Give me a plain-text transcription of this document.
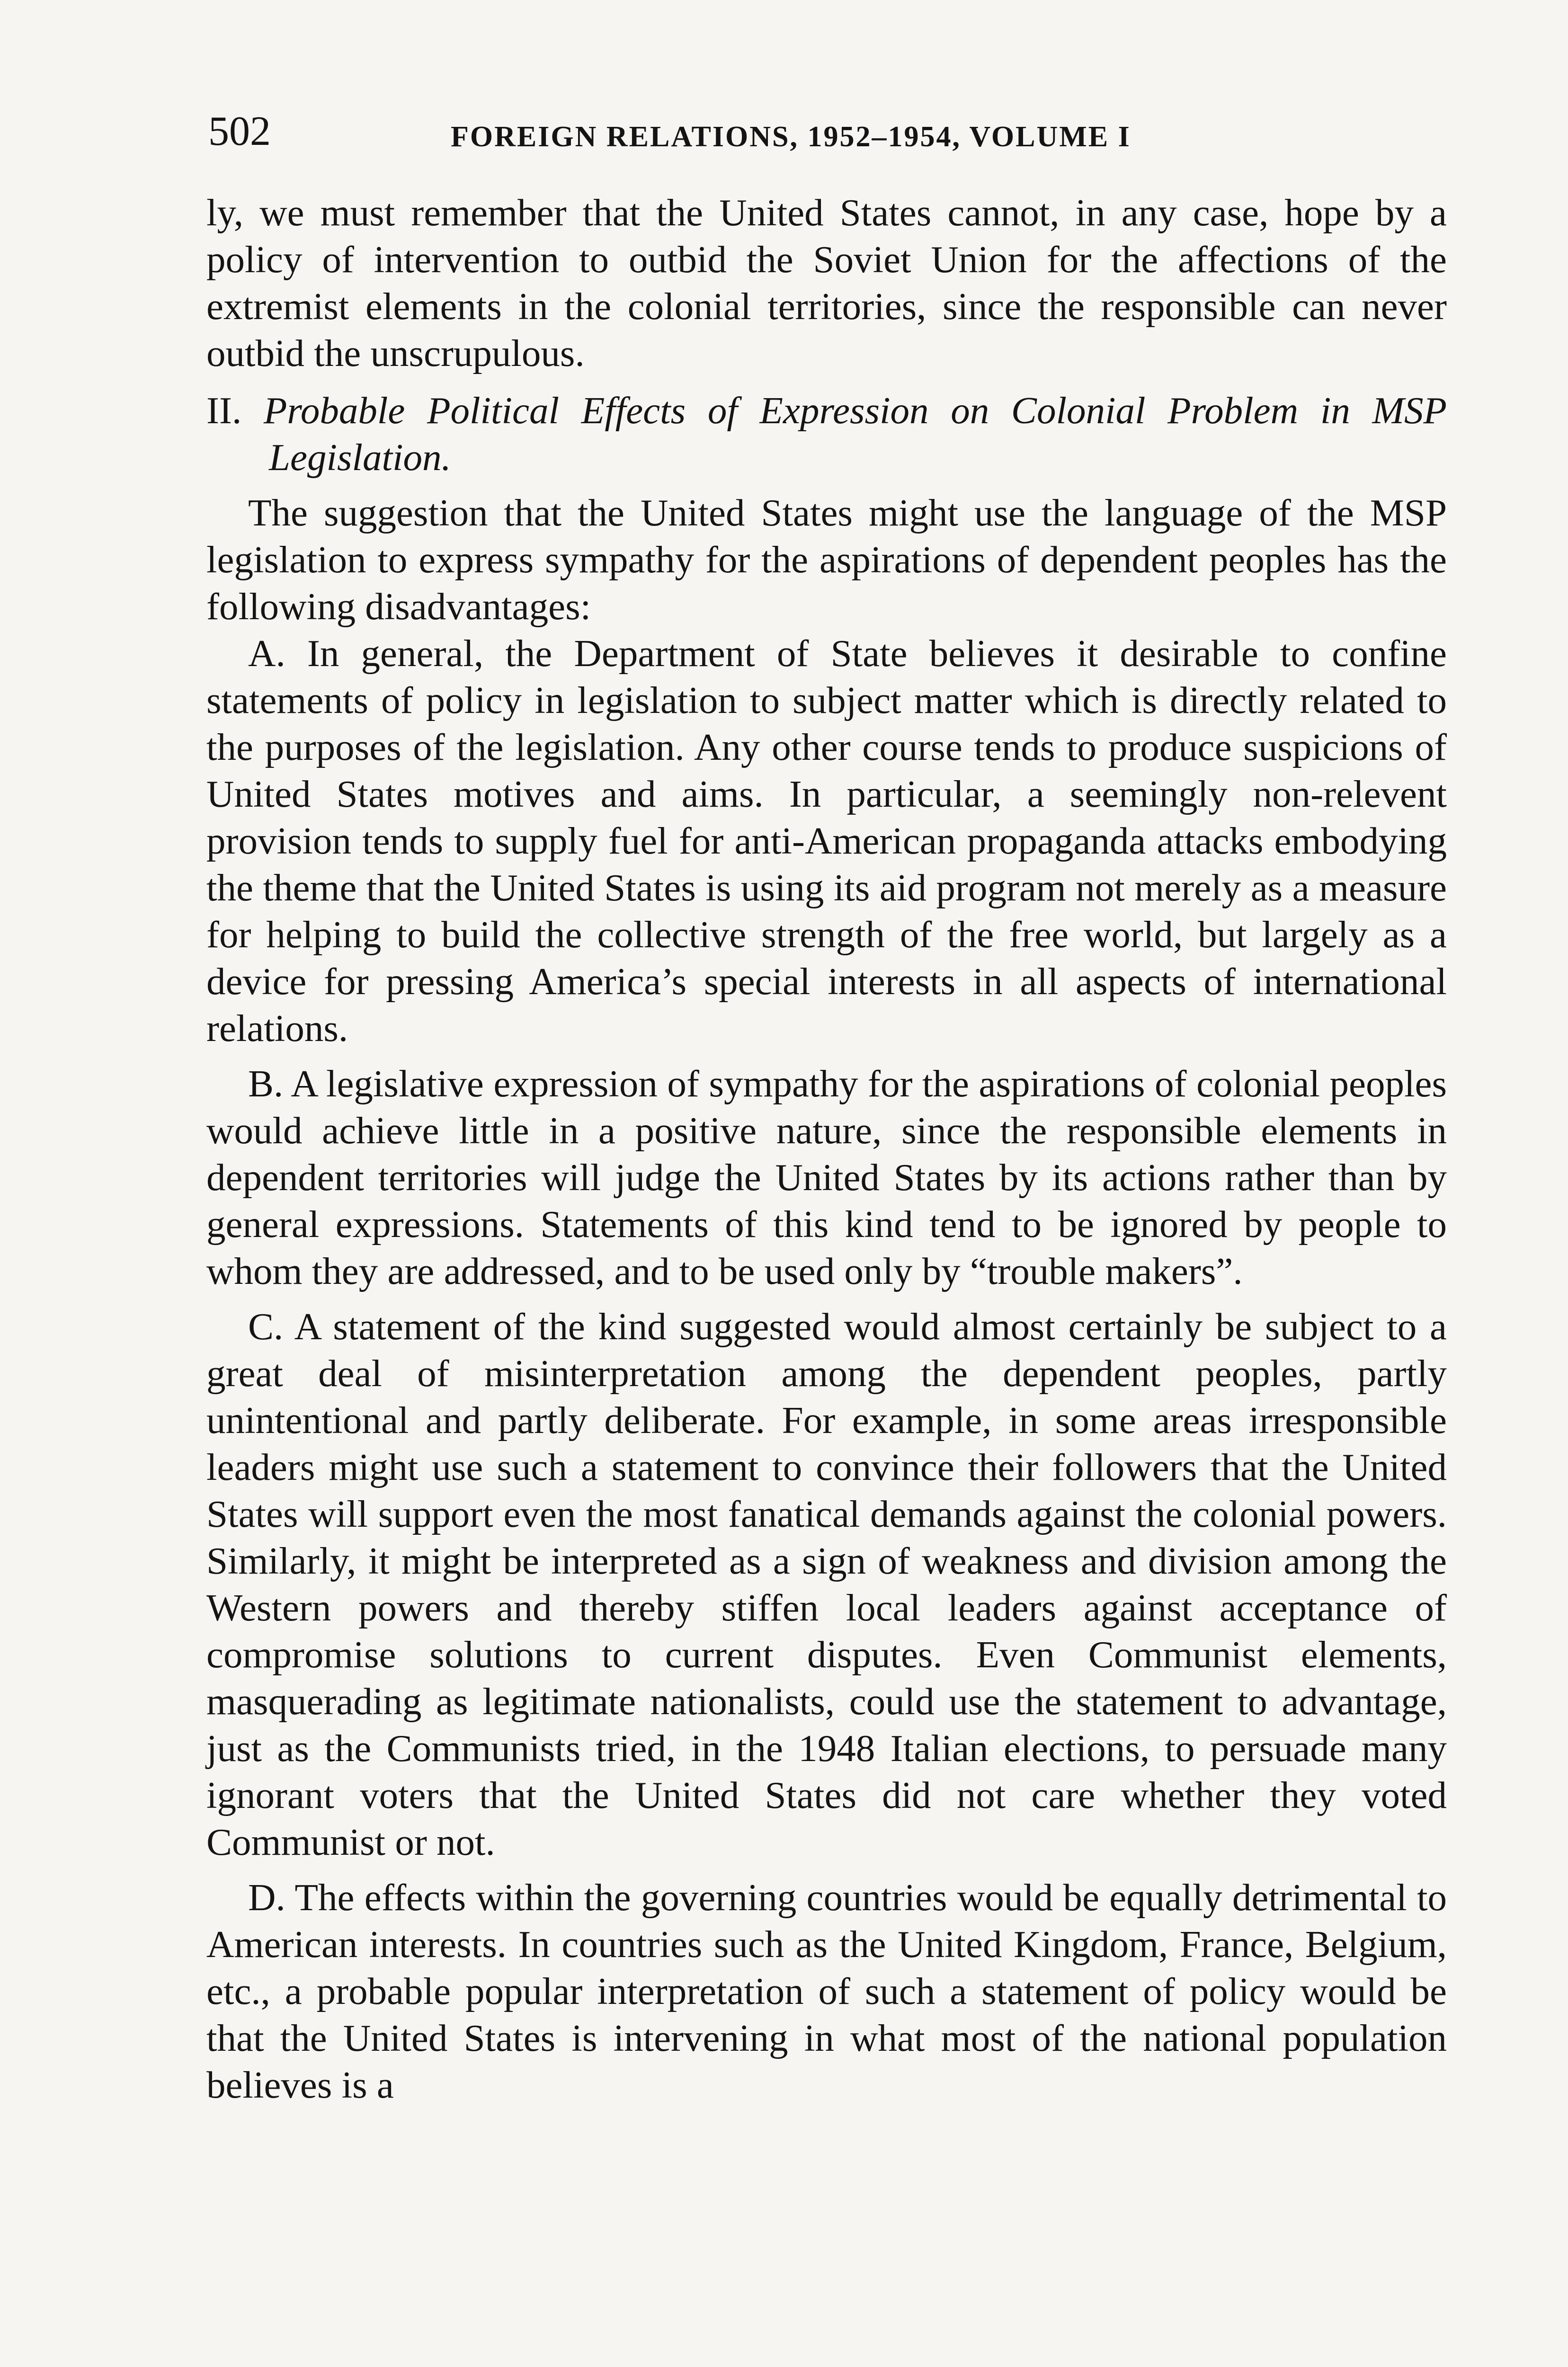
502	FOREIGN RELATIONS, 1952–1954, VOLUME I

ly, we must remember that the United States cannot, in any case, hope by a policy of intervention to outbid the Soviet Union for the affections of the extremist elements in the colonial territories, since the responsible can never outbid the unscrupulous.

II. Probable Political Effects of Expression on Colonial Problem in MSP Legislation.

The suggestion that the United States might use the language of the MSP legislation to express sympathy for the aspirations of dependent peoples has the following disadvantages:

A. In general, the Department of State believes it desirable to confine statements of policy in legislation to subject matter which is directly related to the purposes of the legislation. Any other course tends to produce suspicions of United States motives and aims. In particular, a seemingly non-relevent provision tends to supply fuel for anti-American propaganda attacks embodying the theme that the United States is using its aid program not merely as a measure for helping to build the collective strength of the free world, but largely as a device for pressing America’s special interests in all aspects of international relations.

B. A legislative expression of sympathy for the aspirations of colonial peoples would achieve little in a positive nature, since the responsible elements in dependent territories will judge the United States by its actions rather than by general expressions. Statements of this kind tend to be ignored by people to whom they are addressed, and to be used only by “trouble makers”.

C. A statement of the kind suggested would almost certainly be subject to a great deal of misinterpretation among the dependent peoples, partly unintentional and partly deliberate. For example, in some areas irresponsible leaders might use such a statement to convince their followers that the United States will support even the most fanatical demands against the colonial powers. Similarly, it might be interpreted as a sign of weakness and division among the Western powers and thereby stiffen local leaders against acceptance of compromise solutions to current disputes. Even Communist elements, masquerading as legitimate nationalists, could use the statement to advantage, just as the Communists tried, in the 1948 Italian elections, to persuade many ignorant voters that the United States did not care whether they voted Communist or not.

D. The effects within the governing countries would be equally detrimental to American interests. In countries such as the United Kingdom, France, Belgium, etc., a probable popular interpretation of such a statement of policy would be that the United States is intervening in what most of the national population believes is a
